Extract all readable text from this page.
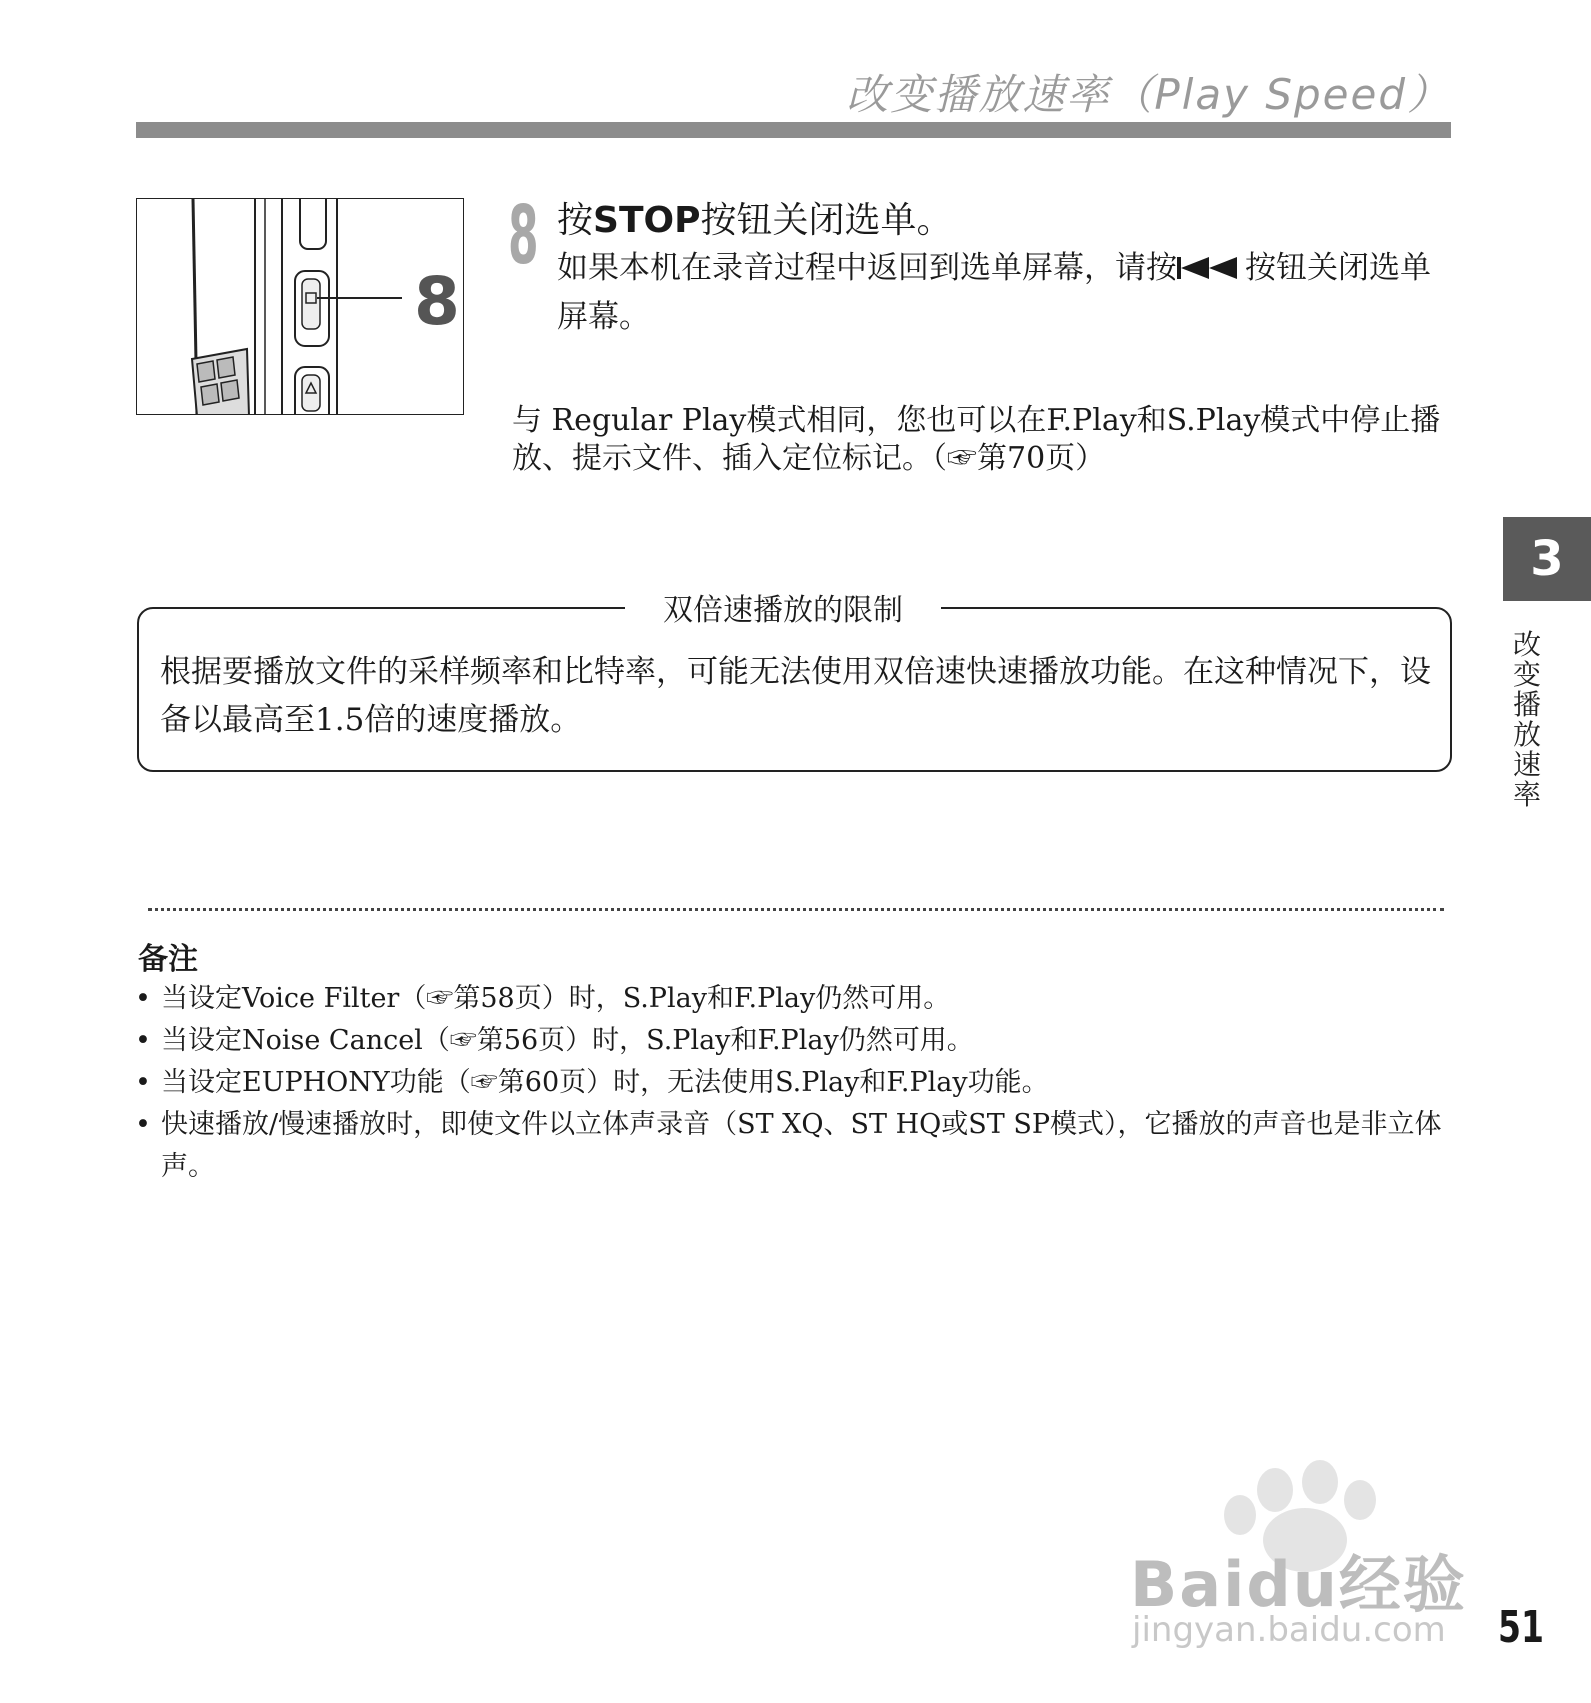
改变播放速率（Play Speed）
8
8 按STOP按钮关闭选单。
如果本机在录音过程中返回到选单屏幕，请按 按钮关闭选单屏幕。
与 Regular Play模式相同，您也可以在F.Play和S.Play模式中停止播放、提示文件、插入定位标记。（☞第70页）
3
改
变
播
放
速
率
双倍速播放的限制
根据要播放文件的采样频率和比特率，可能无法使用双倍速快速播放功能。在这种情况下，设备以最高至1.5倍的速度播放。
备注
• 当设定Voice Filter（☞第58页）时，S.Play和F.Play仍然可用。
• 当设定Noise Cancel（☞第56页）时，S.Play和F.Play仍然可用。
• 当设定EUPHONY功能（☞第60页）时，无法使用S.Play和F.Play功能。
• 快速播放/慢速播放时，即使文件以立体声录音（ST XQ、ST HQ或ST SP模式），它播放的声音也是非立体声。
Baidu经验
jingyan.baidu.com 51
